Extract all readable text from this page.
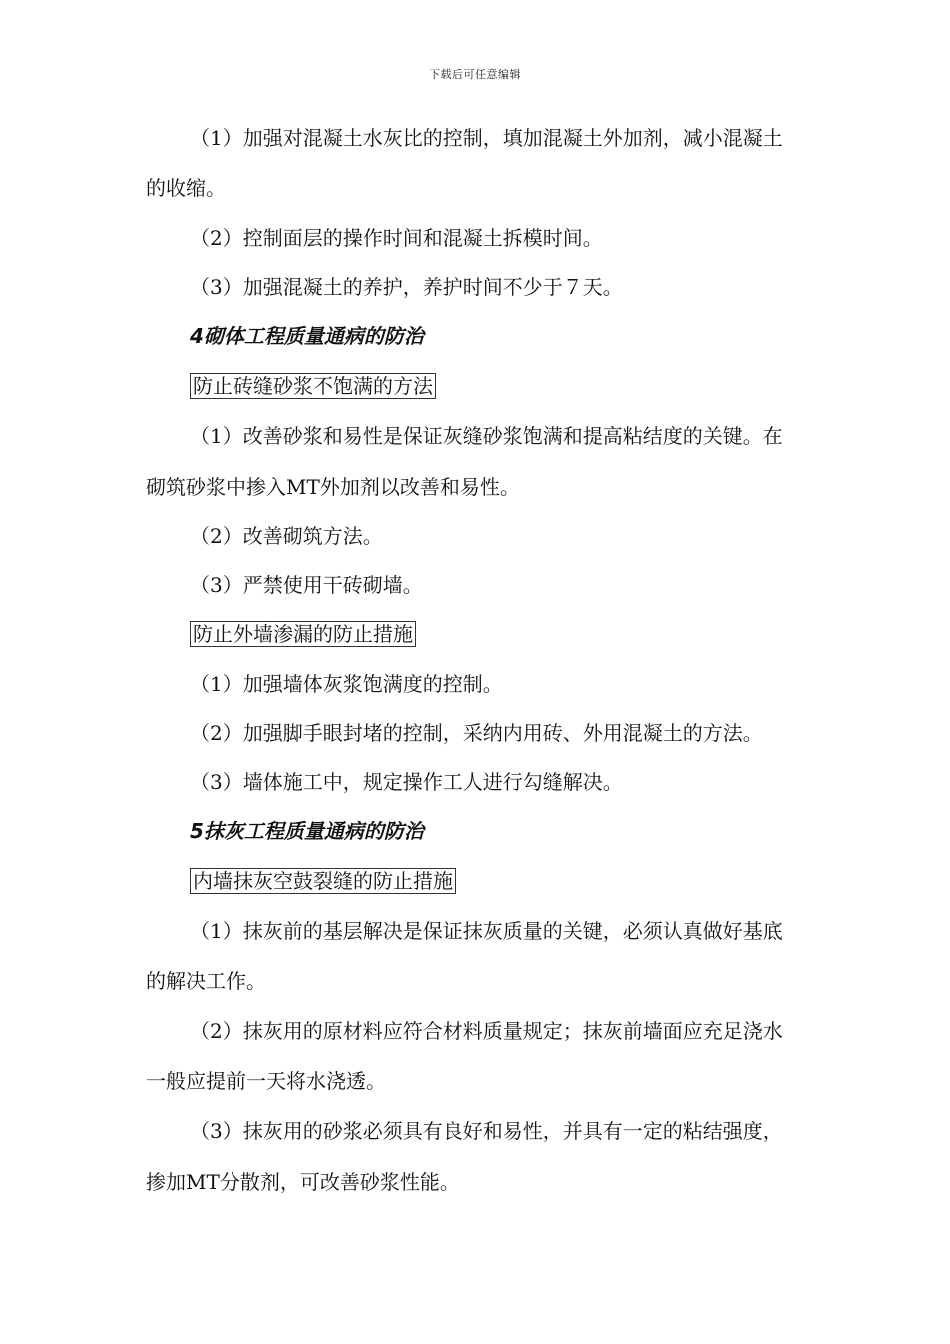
下载后可任意编辑
（1）加强对混凝土水灰比的控制，填加混凝土外加剂，减小混凝土
的收缩。
（2）控制面层的操作时间和混凝土拆模时间。
（3）加强混凝土的养护，养护时间不少于７天。
4砌体工程质量通病的防治
防止砖缝砂浆不饱满的方法
（1）改善砂浆和易性是保证灰缝砂浆饱满和提高粘结度的关键。在
砌筑砂浆中掺入MT外加剂以改善和易性。
（2）改善砌筑方法。
（3）严禁使用干砖砌墙。
防止外墙渗漏的防止措施
（1）加强墙体灰浆饱满度的控制。
（2）加强脚手眼封堵的控制，采纳内用砖、外用混凝土的方法。
（3）墙体施工中，规定操作工人进行勾缝解决。
5抹灰工程质量通病的防治
内墙抹灰空鼓裂缝的防止措施
（1）抹灰前的基层解决是保证抹灰质量的关键，必须认真做好基底
的解决工作。
（2）抹灰用的原材料应符合材料质量规定；抹灰前墙面应充足浇水
一般应提前一天将水浇透。
（3）抹灰用的砂浆必须具有良好和易性，并具有一定的粘结强度，
掺加MT分散剂，可改善砂浆性能。
